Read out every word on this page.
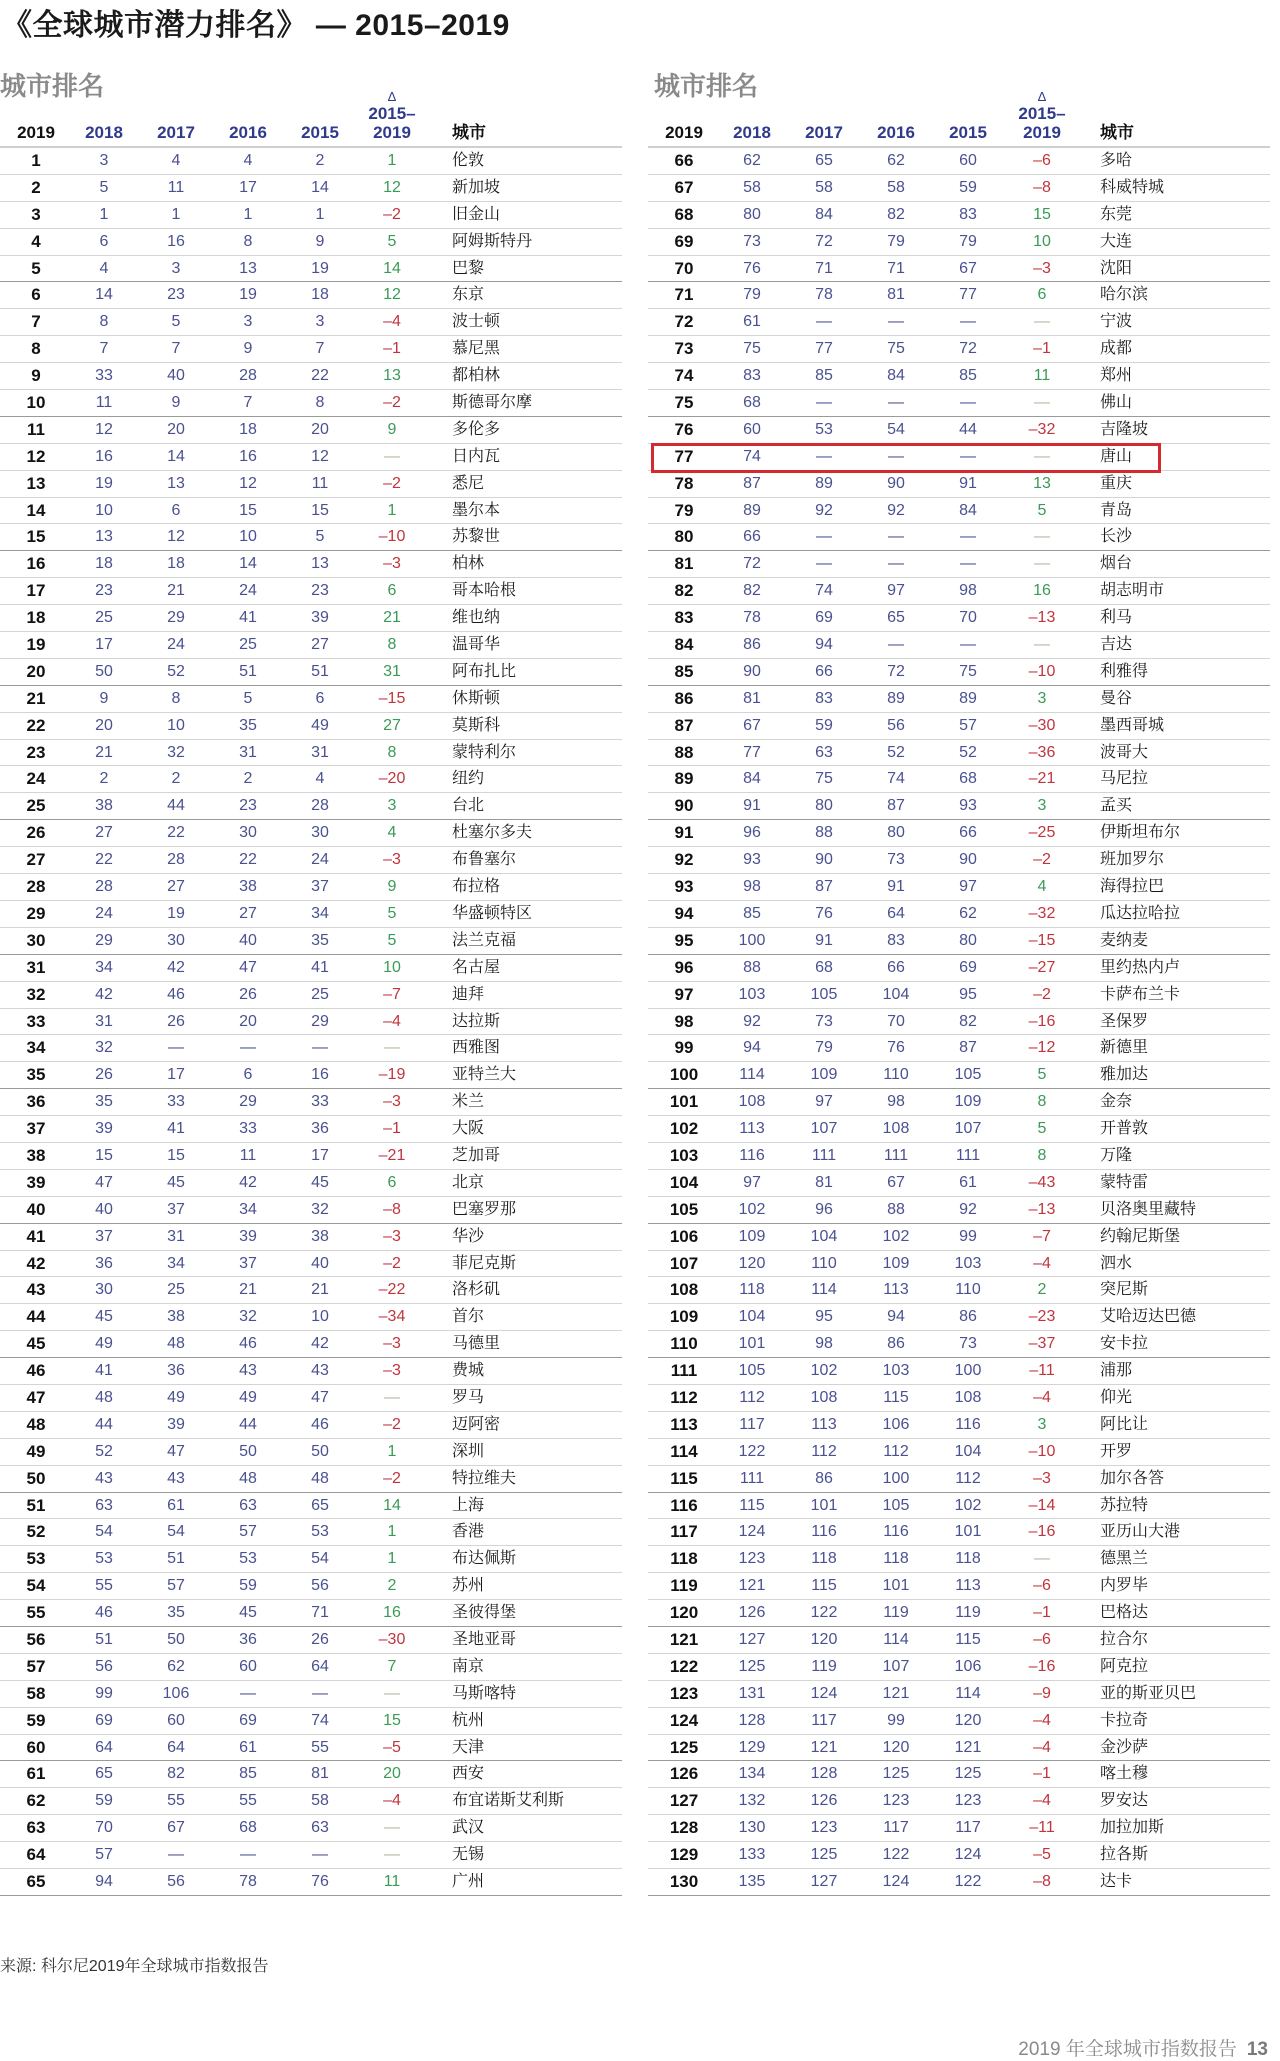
《全球城市潜力排名》 — 2015–2019
城市排名
2019	2018	2017	2016	2015
Δ
2015–
2019	城市
1	3	4	4	2	1	伦敦
2	5	11	17	14	12	新加坡
3	1	1	1	1	–2	旧金山
4	6	16	8	9	5	阿姆斯特丹
5	4	3	13	19	14	巴黎
6	14	23	19	18	12	东京
7	8	5	3	3	–4	波士顿
8	7	7	9	7	–1	慕尼黑
9	33	40	28	22	13	都柏林
10	11	9	7	8	–2	斯德哥尔摩
11	12	20	18	20	9	多伦多
12	16	14	16	12	—	日内瓦
13	19	13	12	11	–2	悉尼
14	10	6	15	15	1	墨尔本
15	13	12	10	5	–10	苏黎世
16	18	18	14	13	–3	柏林
17	23	21	24	23	6	哥本哈根
18	25	29	41	39	21	维也纳
19	17	24	25	27	8	温哥华
20	50	52	51	51	31	阿布扎比
21	9	8	5	6	–15	休斯顿
22	20	10	35	49	27	莫斯科
23	21	32	31	31	8	蒙特利尔
24	2	2	2	4	–20	纽约
25	38	44	23	28	3	台北
26	27	22	30	30	4	杜塞尔多夫
27	22	28	22	24	–3	布鲁塞尔
28	28	27	38	37	9	布拉格
29	24	19	27	34	5	华盛顿特区
30	29	30	40	35	5	法兰克福
31	34	42	47	41	10	名古屋
32	42	46	26	25	–7	迪拜
33	31	26	20	29	–4	达拉斯
34	32	—	—	—	—	西雅图
35	26	17	6	16	–19	亚特兰大
36	35	33	29	33	–3	米兰
37	39	41	33	36	–1	大阪
38	15	15	11	17	–21	芝加哥
39	47	45	42	45	6	北京
40	40	37	34	32	–8	巴塞罗那
41	37	31	39	38	–3	华沙
42	36	34	37	40	–2	菲尼克斯
43	30	25	21	21	–22	洛杉矶
44	45	38	32	10	–34	首尔
45	49	48	46	42	–3	马德里
46	41	36	43	43	–3	费城
47	48	49	49	47	—	罗马
48	44	39	44	46	–2	迈阿密
49	52	47	50	50	1	深圳
50	43	43	48	48	–2	特拉维夫
51	63	61	63	65	14	上海
52	54	54	57	53	1	香港
53	53	51	53	54	1	布达佩斯
54	55	57	59	56	2	苏州
55	46	35	45	71	16	圣彼得堡
56	51	50	36	26	–30	圣地亚哥
57	56	62	60	64	7	南京
58	99	106	—	—	—	马斯喀特
59	69	60	69	74	15	杭州
60	64	64	61	55	–5	天津
61	65	82	85	81	20	西安
62	59	55	55	58	–4	布宜诺斯艾利斯
63	70	67	68	63	—	武汉
64	57	—	—	—	—	无锡
65	94	56	78	76	11	广州
城市排名
2019	2018	2017	2016	2015
Δ
2015–
2019	城市
66	62	65	62	60	–6	多哈
67	58	58	58	59	–8	科威特城
68	80	84	82	83	15	东莞
69	73	72	79	79	10	大连
70	76	71	71	67	–3	沈阳
71	79	78	81	77	6	哈尔滨
72	61	—	—	—	—	宁波
73	75	77	75	72	–1	成都
74	83	85	84	85	11	郑州
75	68	—	—	—	—	佛山
76	60	53	54	44	–32	吉隆坡
77	74	—	—	—	—	唐山
78	87	89	90	91	13	重庆
79	89	92	92	84	5	青岛
80	66	—	—	—	—	长沙
81	72	—	—	—	—	烟台
82	82	74	97	98	16	胡志明市
83	78	69	65	70	–13	利马
84	86	94	—	—	—	吉达
85	90	66	72	75	–10	利雅得
86	81	83	89	89	3	曼谷
87	67	59	56	57	–30	墨西哥城
88	77	63	52	52	–36	波哥大
89	84	75	74	68	–21	马尼拉
90	91	80	87	93	3	孟买
91	96	88	80	66	–25	伊斯坦布尔
92	93	90	73	90	–2	班加罗尔
93	98	87	91	97	4	海得拉巴
94	85	76	64	62	–32	瓜达拉哈拉
95	100	91	83	80	–15	麦纳麦
96	88	68	66	69	–27	里约热内卢
97	103	105	104	95	–2	卡萨布兰卡
98	92	73	70	82	–16	圣保罗
99	94	79	76	87	–12	新德里
100	114	109	110	105	5	雅加达
101	108	97	98	109	8	金奈
102	113	107	108	107	5	开普敦
103	116	111	111	111	8	万隆
104	97	81	67	61	–43	蒙特雷
105	102	96	88	92	–13	贝洛奥里藏特
106	109	104	102	99	–7	约翰尼斯堡
107	120	110	109	103	–4	泗水
108	118	114	113	110	2	突尼斯
109	104	95	94	86	–23	艾哈迈达巴德
110	101	98	86	73	–37	安卡拉
111	105	102	103	100	–11	浦那
112	112	108	115	108	–4	仰光
113	117	113	106	116	3	阿比让
114	122	112	112	104	–10	开罗
115	111	86	100	112	–3	加尔各答
116	115	101	105	102	–14	苏拉特
117	124	116	116	101	–16	亚历山大港
118	123	118	118	118	—	德黑兰
119	121	115	101	113	–6	内罗毕
120	126	122	119	119	–1	巴格达
121	127	120	114	115	–6	拉合尔
122	125	119	107	106	–16	阿克拉
123	131	124	121	114	–9	亚的斯亚贝巴
124	128	117	99	120	–4	卡拉奇
125	129	121	120	121	–4	金沙萨
126	134	128	125	125	–1	喀土穆
127	132	126	123	123	–4	罗安达
128	130	123	117	117	–11	加拉加斯
129	133	125	122	124	–5	拉各斯
130	135	127	124	122	–8	达卡
来源: 科尔尼2019年全球城市指数报告
2019 年全球城市指数报告 13
